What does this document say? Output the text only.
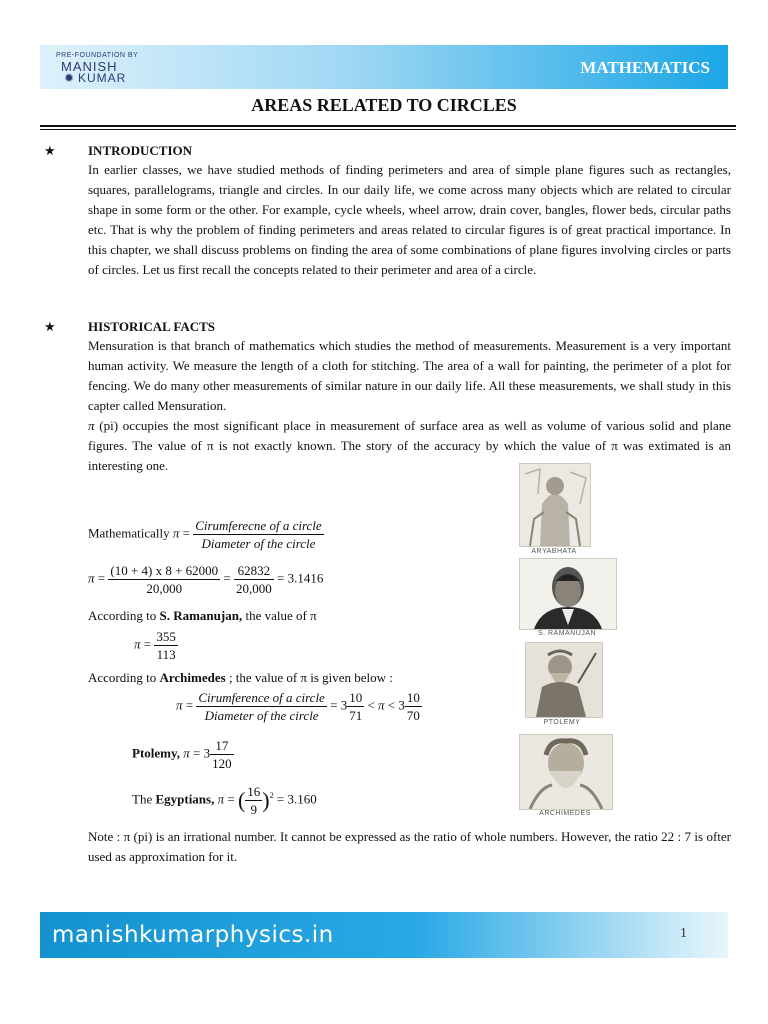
PRE-FOUNDATION BY
MANISH
✹ KUMAR
MATHEMATICS
AREAS RELATED TO CIRCLES
★ INTRODUCTION
In earlier classes, we have studied methods of finding perimeters and area of simple plane figures such as rectangles, squares, parallelograms, triangle and circles. In our daily life, we come across many objects which are related to circular shape in some form or the other. For example, cycle wheels, wheel arrow, drain cover, bangles, flower beds, circular paths etc. That is why the problem of finding perimeters and areas related to circular figures is of great practical importance. In this chapter, we shall discuss problems on finding the area of some combinations of plane figures involving circles or parts of circles. Let us first recall the concepts related to their perimeter and area of a circle.
★ HISTORICAL FACTS
Mensuration is that branch of mathematics which studies the method of measurements. Measurement is a very important human activity. We measure the length of a cloth for stitching. The area of a wall for painting, the perimeter of a plot for fencing. We do many other measurements of similar nature in our daily life. All these measurements, we shall study in this capter called Mensuration.
π (pi) occupies the most significant place in measurement of surface area as well as volume of various solid and plane figures. The value of π is not exactly known. The story of the accuracy by which the value of π was extimated is an interesting one.
Mathematically $\pi = \frac{\text{Cirumferecne of a circle}}{\text{Diameter of the circle}}$
$\pi = \frac{(10 + 4) x 8 + 62000}{20,000} = \frac{62832}{20,000} = 3.1416$
According to S. Ramanujan, the value of π
$\pi = \frac{355}{113}$
According to Archimedes ; the value of π is given below :
$\pi = \frac{\text{Cirumference of a circle}}{\text{Diameter of the circle}} = 3 \frac{10}{71} < \pi < 3 \frac{10}{70}$
Ptolemy, $\pi = 3 \frac{17}{120}$
The Egyptians, π = ( $\frac{16}{9} )^2 = 3.160$
Note : π (pi) is an irrational number. It cannot be expressed as the ratio of whole numbers. However, the ratio 22 : 7 is ofter used as approximation for it.
ARYABHATA
S. RAMANUJAN
PTOLEMY
ARCHIMEDES
manishkumarphysics.in	1
